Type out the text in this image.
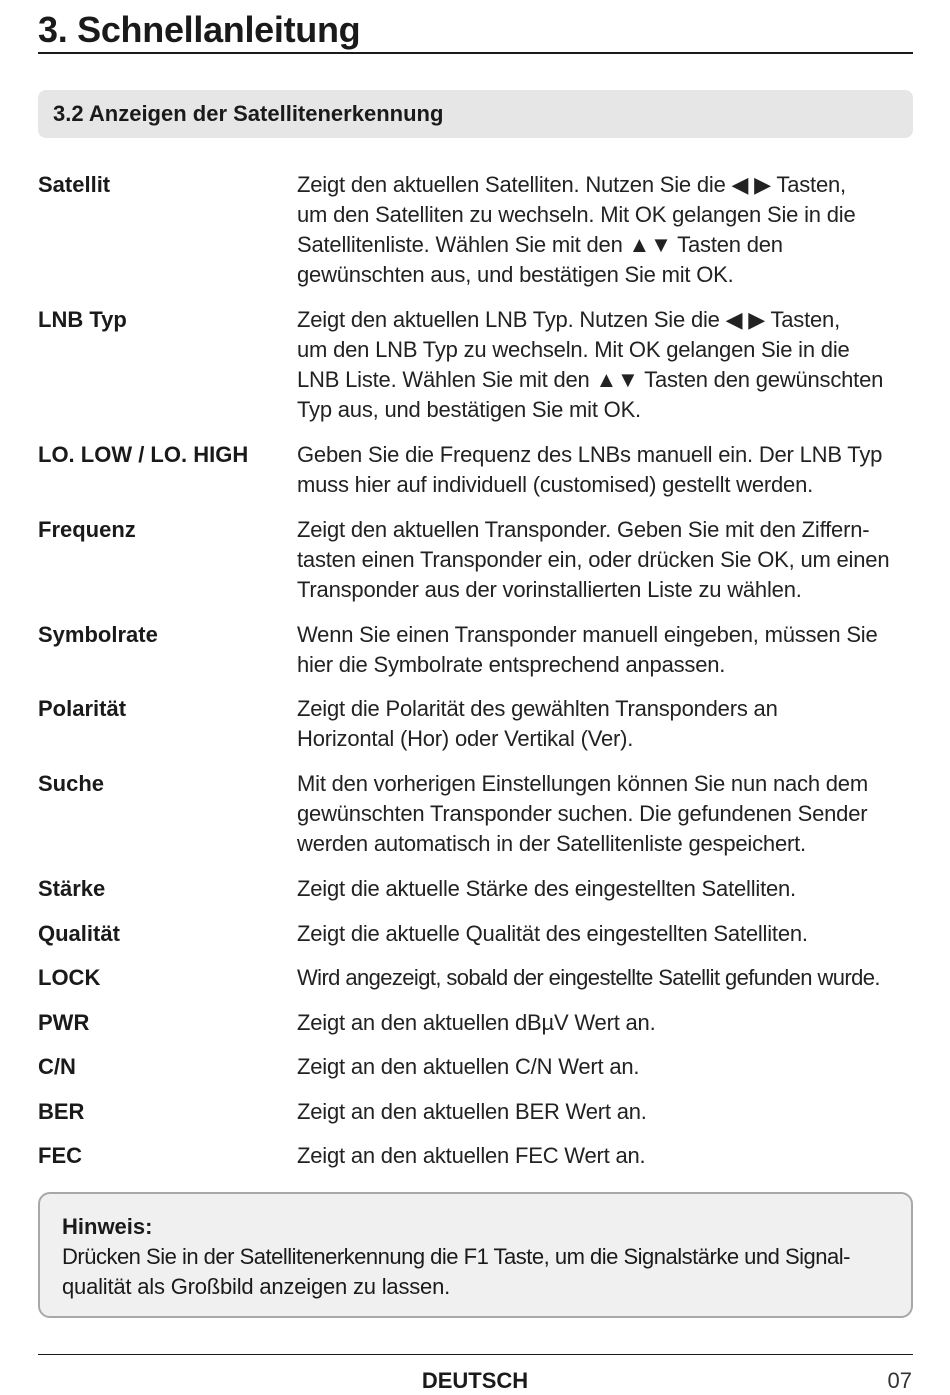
3. Schnellanleitung
3.2 Anzeigen der Satellitenerkennung
Satellit	Zeigt den aktuellen Satelliten. Nutzen Sie die ◀ ▶ Tasten,
um den Satelliten zu wechseln. Mit OK gelangen Sie in die
Satellitenliste. Wählen Sie mit den ▲▼ Tasten den
gewünschten aus, und bestätigen Sie mit OK.
LNB Typ	Zeigt den aktuellen LNB Typ. Nutzen Sie die ◀ ▶ Tasten,
um den LNB Typ zu wechseln. Mit OK gelangen Sie in die
LNB Liste. Wählen Sie mit den ▲▼ Tasten den gewünschten
Typ aus, und bestätigen Sie mit OK.
LO. LOW / LO. HIGH	Geben Sie die Frequenz des LNBs manuell ein. Der LNB Typ
muss hier auf individuell (customised) gestellt werden.
Frequenz	Zeigt den aktuellen Transponder. Geben Sie mit den Ziffern-
tasten einen Transponder ein, oder drücken Sie OK, um einen
Transponder aus der vorinstallierten Liste zu wählen.
Symbolrate	Wenn Sie einen Transponder manuell eingeben, müssen Sie
hier die Symbolrate entsprechend anpassen.
Polarität	Zeigt die Polarität des gewählten Transponders an
Horizontal (Hor) oder Vertikal (Ver).
Suche	Mit den vorherigen Einstellungen können Sie nun nach dem
gewünschten Transponder suchen. Die gefundenen Sender
werden automatisch in der Satellitenliste gespeichert.
Stärke	Zeigt die aktuelle Stärke des eingestellten Satelliten.
Qualität	Zeigt die aktuelle Qualität des eingestellten Satelliten.
LOCK	Wird angezeigt, sobald der eingestellte Satellit gefunden wurde.
PWR	Zeigt an den aktuellen dBµV Wert an.
C/N	Zeigt an den aktuellen C/N Wert an.
BER	Zeigt an den aktuellen BER Wert an.
FEC	Zeigt an den aktuellen FEC Wert an.
Hinweis:
Drücken Sie in der Satellitenerkennung die F1 Taste, um die Signalstärke und Signal-
qualität als Großbild anzeigen zu lassen.
DEUTSCH	07
